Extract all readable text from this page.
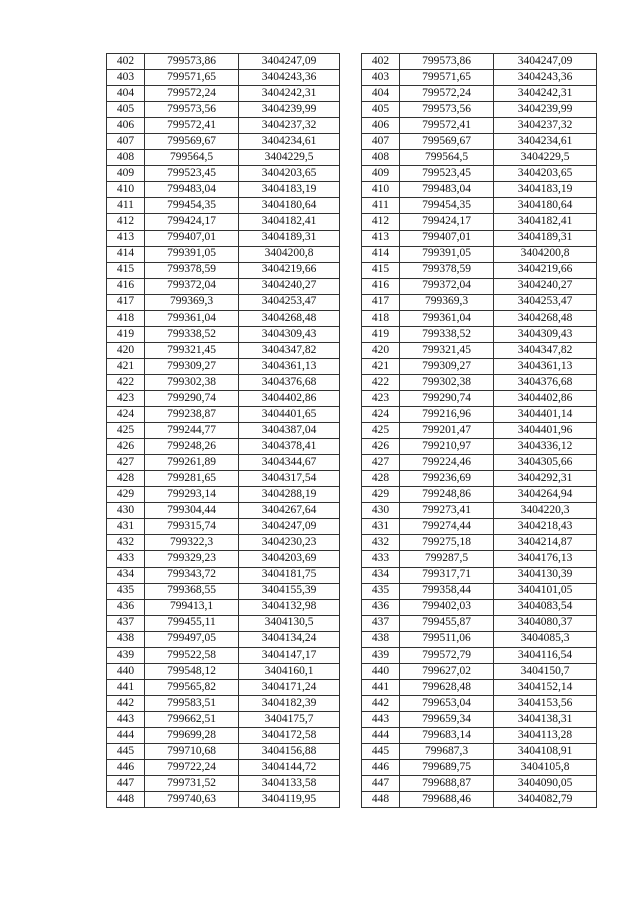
402	799573,86	3404247,09
403	799571,65	3404243,36
404	799572,24	3404242,31
405	799573,56	3404239,99
406	799572,41	3404237,32
407	799569,67	3404234,61
408	799564,5	3404229,5
409	799523,45	3404203,65
410	799483,04	3404183,19
411	799454,35	3404180,64
412	799424,17	3404182,41
413	799407,01	3404189,31
414	799391,05	3404200,8
415	799378,59	3404219,66
416	799372,04	3404240,27
417	799369,3	3404253,47
418	799361,04	3404268,48
419	799338,52	3404309,43
420	799321,45	3404347,82
421	799309,27	3404361,13
422	799302,38	3404376,68
423	799290,74	3404402,86
424	799238,87	3404401,65
425	799244,77	3404387,04
426	799248,26	3404378,41
427	799261,89	3404344,67
428	799281,65	3404317,54
429	799293,14	3404288,19
430	799304,44	3404267,64
431	799315,74	3404247,09
432	799322,3	3404230,23
433	799329,23	3404203,69
434	799343,72	3404181,75
435	799368,55	3404155,39
436	799413,1	3404132,98
437	799455,11	3404130,5
438	799497,05	3404134,24
439	799522,58	3404147,17
440	799548,12	3404160,1
441	799565,82	3404171,24
442	799583,51	3404182,39
443	799662,51	3404175,7
444	799699,28	3404172,58
445	799710,68	3404156,88
446	799722,24	3404144,72
447	799731,52	3404133,58
448	799740,63	3404119,95
402	799573,86	3404247,09
403	799571,65	3404243,36
404	799572,24	3404242,31
405	799573,56	3404239,99
406	799572,41	3404237,32
407	799569,67	3404234,61
408	799564,5	3404229,5
409	799523,45	3404203,65
410	799483,04	3404183,19
411	799454,35	3404180,64
412	799424,17	3404182,41
413	799407,01	3404189,31
414	799391,05	3404200,8
415	799378,59	3404219,66
416	799372,04	3404240,27
417	799369,3	3404253,47
418	799361,04	3404268,48
419	799338,52	3404309,43
420	799321,45	3404347,82
421	799309,27	3404361,13
422	799302,38	3404376,68
423	799290,74	3404402,86
424	799216,96	3404401,14
425	799201,47	3404401,96
426	799210,97	3404336,12
427	799224,46	3404305,66
428	799236,69	3404292,31
429	799248,86	3404264,94
430	799273,41	3404220,3
431	799274,44	3404218,43
432	799275,18	3404214,87
433	799287,5	3404176,13
434	799317,71	3404130,39
435	799358,44	3404101,05
436	799402,03	3404083,54
437	799455,87	3404080,37
438	799511,06	3404085,3
439	799572,79	3404116,54
440	799627,02	3404150,7
441	799628,48	3404152,14
442	799653,04	3404153,56
443	799659,34	3404138,31
444	799683,14	3404113,28
445	799687,3	3404108,91
446	799689,75	3404105,8
447	799688,87	3404090,05
448	799688,46	3404082,79
